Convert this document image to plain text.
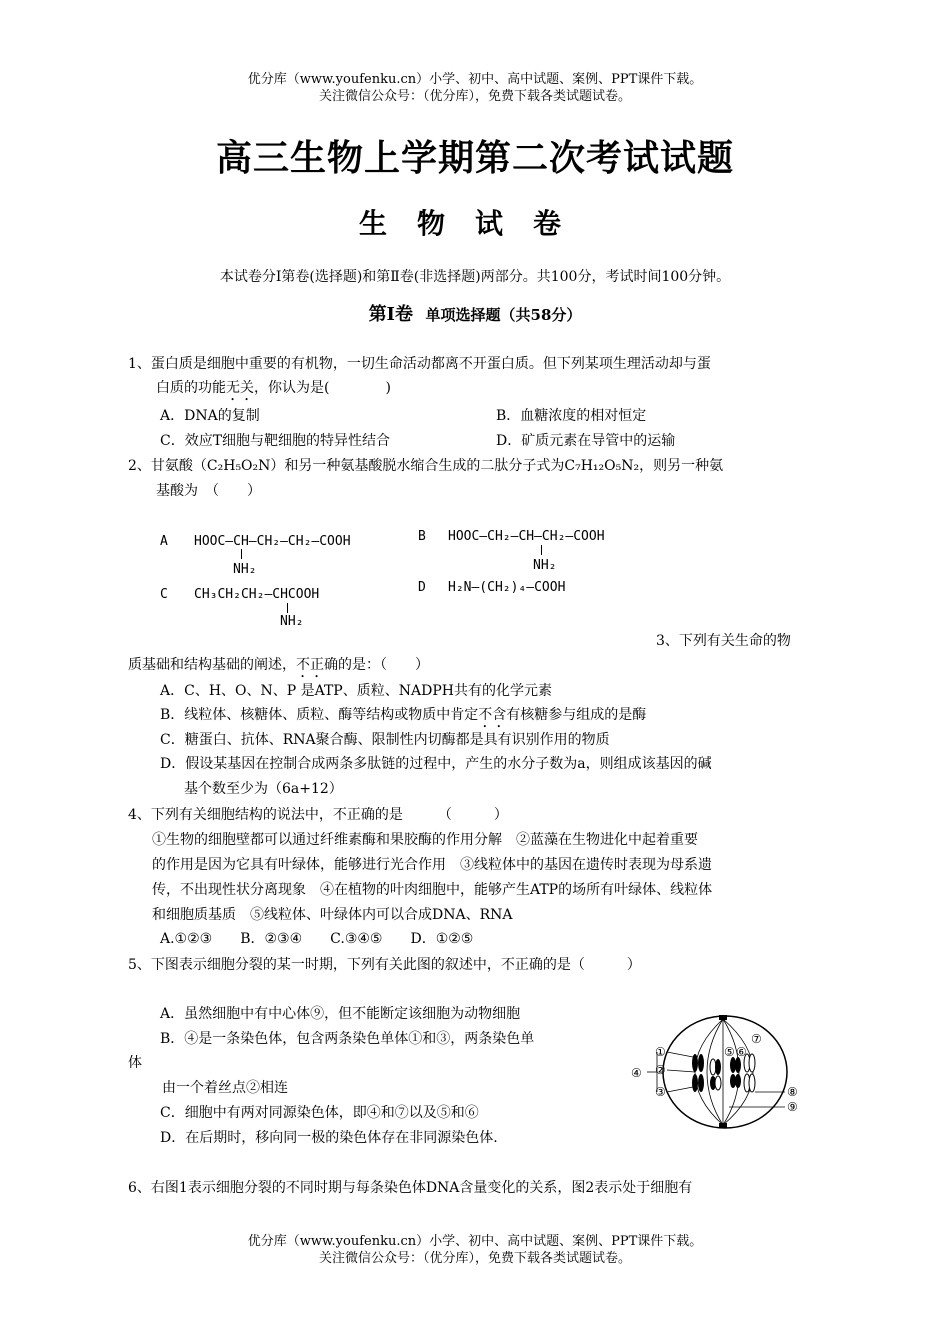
优分库（www.youfenku.cn）小学、初中、高中试题、案例、PPT课件下载。
关注微信公众号：（优分库），免费下载各类试题试卷。
高三生物上学期第二次考试试题
生物试卷
本试卷分Ⅰ第卷(选择题)和第Ⅱ卷(非选择题)两部分。共100分，考试时间100分钟。
第Ⅰ卷 单项选择题（共58分）
1、蛋白质是细胞中重要的有机物，一切生命活动都离不开蛋白质。但下列某项生理活动却与蛋
白质的功能无关，你认为是(　　　　)
A．DNA的复制	B．血糖浓度的相对恒定
C．效应T细胞与靶细胞的特异性结合	D．矿质元素在导管中的运输
2、甘氨酸（C₂H₅O₂N）和另一种氨基酸脱水缩合生成的二肽分子式为C₇H₁₂O₅N₂，则另一种氨
基酸为　（　　）
A HOOC—CH—CH₂—CH₂—COOH
NH₂
B HOOC—CH₂—CH—CH₂—COOH
NH₂
C CH₃CH₂CH₂—CHCOOH
NH₂
D H₂N—(CH₂)₄—COOH
3、下列有关生命的物
质基础和结构基础的阐述，不正确的是：（　　）
A．C、H、O、N、P 是ATP、质粒、NADPH共有的化学元素
B．线粒体、核糖体、质粒、酶等结构或物质中肯定不含有核糖参与组成的是酶
C．糖蛋白、抗体、RNA聚合酶、限制性内切酶都是具有识别作用的物质
D．假设某基因在控制合成两条多肽链的过程中，产生的水分子数为a，则组成该基因的碱
基个数至少为（6a+12）
4、下列有关细胞结构的说法中，不正确的是　　　（　　　）
①生物的细胞壁都可以通过纤维素酶和果胶酶的作用分解　②蓝藻在生物进化中起着重要
的作用是因为它具有叶绿体，能够进行光合作用　③线粒体中的基因在遗传时表现为母系遗
传，不出现性状分离现象　④在植物的叶肉细胞中，能够产生ATP的场所有叶绿体、线粒体
和细胞质基质　⑤线粒体、叶绿体内可以合成DNA、RNA
A.①②③　　B．②③④　　C.③④⑤　　D．①②⑤
5、下图表示细胞分裂的某一时期，下列有关此图的叙述中，不正确的是（　　　）
A．虽然细胞中有中心体⑨，但不能断定该细胞为动物细胞
B．④是一条染色体，包含两条染色单体①和③，两条染色单
体
由一个着丝点②相连
C．细胞中有两对同源染色体，即④和⑦以及⑤和⑥
D．在后期时，移向同一极的染色体存在非同源染色体.
①
②
③
④
⑤ ⑥
⑦
⑧
⑨
6、右图1表示细胞分裂的不同时期与每条染色体DNA含量变化的关系，图2表示处于细胞有
优分库（www.youfenku.cn）小学、初中、高中试题、案例、PPT课件下载。
关注微信公众号：（优分库），免费下载各类试题试卷。
